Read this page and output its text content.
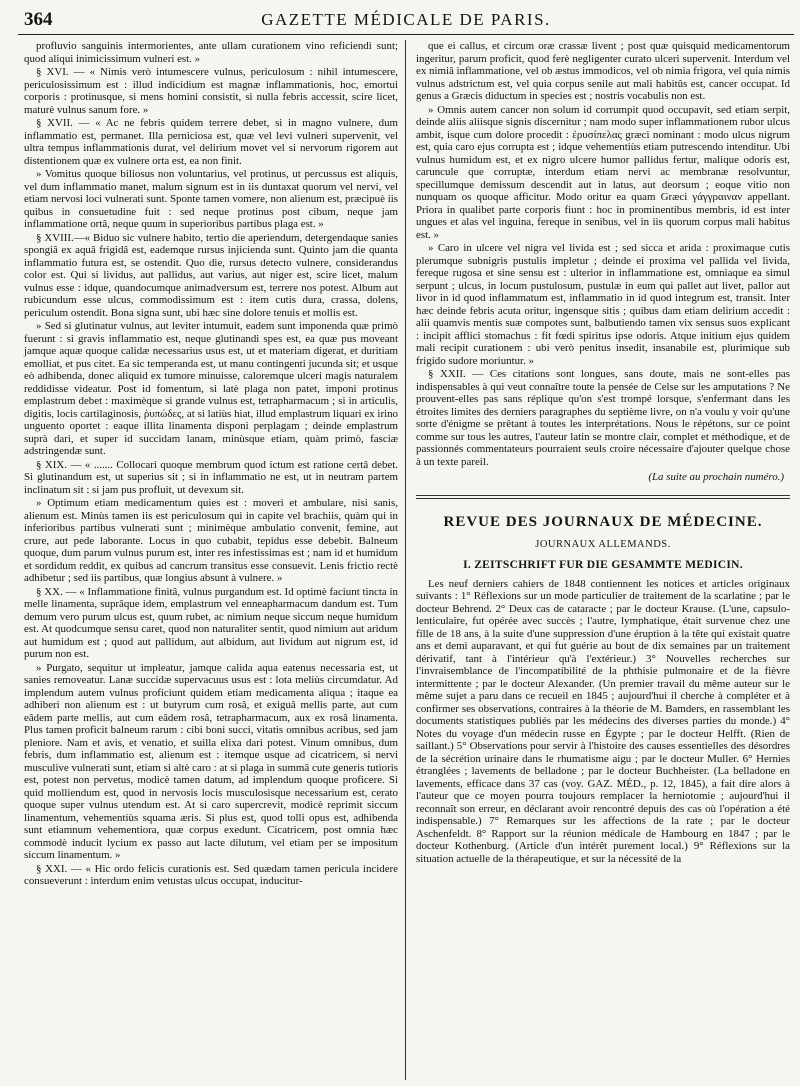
364	GAZETTE MÉDICALE DE PARIS.

profluvio sanguinis intermorientes, ante ullam curationem vino reficiendi sunt; quod aliqui inimicissimum vulneri est. »

§ XVI. — « Nimis verò intumescere vulnus, periculosum : nihil intumescere, periculosissimum est : illud indicidium est magnæ inflammationis, hoc, emortui corporis : protinusque, si mens homini consistit, si nulla febris accessit, scire licet, maturè vulnus sanum fore. »

§ XVII. — « Ac ne febris quidem terrere debet, si in magno vulnere, dum inflammatio est, permanet. Illa perniciosa est, quæ vel levi vulneri supervenit, vel ultra tempus inflammationis durat, vel delirium movet vel si nervorum rigorem aut distentionem quæ ex vulnere orta est, ea non finit.

» Vomitus quoque biliosus non voluntarius, vel protinus, ut percussus est aliquis, vel dum inflammatio manet, malum signum est in iis duntaxat quorum vel nervi, vel etiam nervosi loci vulnerati sunt. Sponte tamen vomere, non alienum est, præcipuè iis quibus in consuetudine fuit : sed neque protinus post cibum, neque jam inflammatione ortâ, neque quum in superioribus partibus plaga est. »

§ XVIII.—« Biduo sic vulnere habito, tertio die aperiendum, detergendaque sanies spongiâ ex aquâ frigidâ est, eademque rursus injicienda sunt. Quinto jam die quanta inflammatio futura est, se ostendit. Quo die, rursus detecto vulnere, considerandus color est. Qui si lividus, aut pallidus, aut varius, aut niger est, scire licet, malum vulnus esse : idque, quandocumque animadversum est, terrere nos potest. Album aut rubicundum esse ulcus, commodissimum est : item cutis dura, crassa, dolens, periculum ostendit. Bona signa sunt, ubi hæc sine dolore tenuis et mollis est.

» Sed si glutinatur vulnus, aut leviter intumuit, eadem sunt imponenda quæ primò fuerunt : si gravis inflammatio est, neque glutinandi spes est, ea quæ pus moveant jamque aquæ quoque calidæ necessarius usus est, ut et materiam digerat, et duritiam emolliat, et pus citet. Ea sic temperanda est, ut manu contingenti jucunda sit; et usque eò adhibenda, donec aliquid ex tumore minuisse, caloremque ulceri magis naturalem reddidisse videatur. Post id fomentum, si latè plaga non patet, imponi protinus emplastrum debet : maximèque si grande vulnus est, tetrapharmacum ; si in articulis, digitis, locis cartilaginosis, ῥυπώδες, at si latiùs hiat, illud emplastrum liquari ex irino unguento oportet : eaque illita linamenta disponi perplagam ; deinde emplastrum suprà dari, et super id succidam lanam, minùsque etiam, quàm primò, fasciæ adstringendæ sunt.

§ XIX. — « ....... Collocari quoque membrum quod ictum est ratione certâ debet. Si glutinandum est, ut superius sit ; si in inflammatio ne est, ut in neutram partem inclinatum sit : si jam pus profluit, ut devexum sit.

» Optimum etiam medicamentum quies est : moveri et ambulare, nisi sanis, alienum est. Minùs tamen iis est periculosum qui in capite vel brachiis, quàm qui in inferioribus partibus vulnerati sunt ; minimèque ambulatio convenit, femine, aut crure, aut pede laborante. Locus in quo cubabit, tepidus esse debebit. Balneum quoque, dum parum vulnus purum est, inter res infestissimas est ; nam id et humidum et sordidum reddit, ex quibus ad cancrum transitus esse consuevit. Lenis frictio rectè adhibetur ; sed iis partibus, quæ longius absunt à vulnere. »

§ XX. — « Inflammatione finitâ, vulnus purgandum est. Id optimè faciunt tincta in melle linamenta, suprâque idem, emplastrum vel enneapharmacum dandum est. Tum demum vero purum ulcus est, quum rubet, ac nimium neque siccum neque humidum est. At quodcumque sensu caret, quod non naturaliter sentit, quod nimium aut aridum aut humidum est ; quod aut pallidum, aut albidum, aut lividum aut nigrum est, id purum non est.

» Purgato, sequitur ut impleatur, jamque calida aqua eatenus necessaria est, ut sanies removeatur. Lanæ succidæ supervacuus usus est : lota meliùs circumdatur. Ad implendum autem vulnus proficiunt quidem etiam medicamenta aliqua ; itaque ea adhiberi non alienum est : ut butyrum cum rosâ, et exiguâ mellis parte, aut cum eâdem parte mellis, aut cum eâdem rosâ, tetrapharmacum, aux ex rosâ linamenta. Plus tamen proficit balneum rarum : cibi boni succi, vitatis omnibus acribus, sed jam pleniore. Nam et avis, et venatio, et suilla elixa dari potest. Vinum omnibus, dum febris, dum inflammatio est, alienum est : itemque usque ad cicatricem, si nervi musculive vulnerati sunt, etiam si altè caro : at si plaga in summâ cute generis tutioris est, potest non pervetus, modicè tamen datum, ad implendum quoque proficere. Si quid molliendum est, quod in nervosis locis musculosisque necessarium est, cerato quoque super vulnus utendum est. At si caro supercrevit, modicè reprimit siccum linamentum, vehementiùs squama æris. Si plus est, quod tolli opus est, adhibenda sunt etiamnum vehementiora, quæ corpus exedunt. Cicatricem, post omnia hæc commodè inducit lycium ex passo aut lacte dilutum, vel etiam per se impositum siccum linamentum. »

§ XXI. — « Hic ordo felicis curationis est. Sed quædam tamen pericula incidere consueverunt : interdum enim vetustas ulcus occupat, inducitur-

que ei callus, et circum oræ crassæ livent ; post quæ quisquid medicamentorum ingeritur, parum proficit, quod ferè negligenter curato ulceri supervenit. Interdum vel ex nimiâ inflammatione, vel ob æstus immodicos, vel ob nimia frigora, vel quia nimis vulnus adstrictum est, vel quia corpus senile aut mali habitûs est, cancer occupat. Id genus a Græcis diductum in species est ; nostris vocabulis non est.

» Omnis autem cancer non solum id corrumpit quod occupavit, sed etiam serpit, deinde aliis aliisque signis discernitur ; nam modo super inflammationem rubor ulcus ambit, isque cum dolore procedit : ἐρυσίπελας græci nominant : modo ulcus nigrum est, quia caro ejus corrupta est ; idque vehementiùs etiam putrescendo intenditur. Ubi vulnus humidum est, et ex nigro ulcere humor pallidus fertur, malique odoris est, caruncule que corruptæ, interdum etiam nervi ac membranæ resolvuntur, specillumque demissum descendit aut in latus, aut deorsum ; eoque vitio non nunquam os quoque afficitur. Modo oritur ea quam Græci γάγγραιναν appellant. Priora in qualibet parte corporis fiunt : hoc in prominentibus membris, id est inter ungues et alas vel inguina, fereque in senibus, vel in iis quorum corpus mali habitus est. »

» Caro in ulcere vel nigra vel livida est ; sed sicca et arida : proximaque cutis plerumque subnigris pustulis impletur ; deinde ei proxima vel pallida vel livida, fereque rugosa et sine sensu est : ulterior in inflammatione est, omniaque ea simul serpunt ; ulcus, in locum pustulosum, pustulæ in eum qui pallet aut livet, pallor aut livor in id quod inflammatum est, inflammatio in id quod integrum est, transit. Inter hæc deinde febris acuta oritur, ingensque sitis ; quibus dam etiam delirium accedit : alii quamvis mentis suæ compotes sunt, balbutiendo tamen vix sensus suos explicant : incipit afflici stomachus : fit fœdi spiritus ipse odoris. Atque initium ejus quidem mali recipit curationem : ubi verò penitus insedit, insanabile est, plurimique sub frigido sudore moriuntur. »

§ XXII. — Ces citations sont longues, sans doute, mais ne sont-elles pas indispensables à qui veut connaître toute la pensée de Celse sur les amputations ? Ne prouvent-elles pas sans réplique qu'on s'est trompé lorsque, s'enfermant dans les étroites limites des derniers paragraphes du septième livre, on n'a voulu y voir qu'une sorte d'énigme se prêtant à toutes les interprétations. Nous le répétons, sur ce point comme sur tous les autres, l'auteur latin se montre clair, complet et méthodique, et de passionnés commentateurs pourraient seuls croire nécessaire d'ajouter quelque chose à un texte pareil.

(La suite au prochain numéro.)
REVUE DES JOURNAUX DE MÉDECINE.
JOURNAUX ALLEMANDS.
I. ZEITSCHRIFT FUR DIE GESAMMTE MEDICIN.

Les neuf derniers cahiers de 1848 contiennent les notices et articles originaux suivants : 1° Réflexions sur un mode particulier de traitement de la scarlatine ; par le docteur Behrend. 2° Deux cas de cataracte ; par le docteur Krause. (L'une, capsulo-lenticulaire, fut opérée avec succès ; l'autre, lymphatique, était survenue chez une fille de 18 ans, à la suite d'une suppression d'une éruption à la tête qui existait quatre ans et demi auparavant, et qui fut guérie au bout de dix semaines par un traitement dérivatif, tant à l'intérieur qu'à l'extérieur.) 3° Nouvelles recherches sur l'invraisemblance de l'incompatibilité de la phthisie pulmonaire et de la fièvre intermittente ; par le docteur Alexander. (Un premier travail du même auteur sur le même sujet a paru dans ce recueil en 1845 ; aujourd'hui il cherche à compléter et à confirmer ses observations, contraires à la théorie de M. Bamders, en rassemblant les documents statistiques publiés par les médecins des diverses parties du monde.) 4° Notes du voyage d'un médecin russe en Égypte ; par le docteur Helfft. (Rien de saillant.) 5° Observations pour servir à l'histoire des causes essentielles des désordres de la sécrétion urinaire dans le rhumatisme aigu ; par le docteur Muller. 6° Hernies étranglées ; lavements de belladone ; par le docteur Buchheister. (La belladone en lavements, efficace dans 37 cas (voy. GAZ. MÉD., p. 12, 1845), a fait dire alors à l'auteur que ce moyen pourra toujours remplacer la herniotomie ; aujourd'hui il reconnaît son erreur, en déclarant avoir rencontré depuis des cas où l'opération a été indispensable.) 7° Remarques sur les affections de la rate ; par le docteur Aschenfeldt. 8° Rapport sur la réunion médicale de Hambourg en 1847 ; par le docteur Kothenburg. (Article d'un intérêt purement local.) 9° Réflexions sur la situation actuelle de la thérapeutique, et sur la nécessité de la
